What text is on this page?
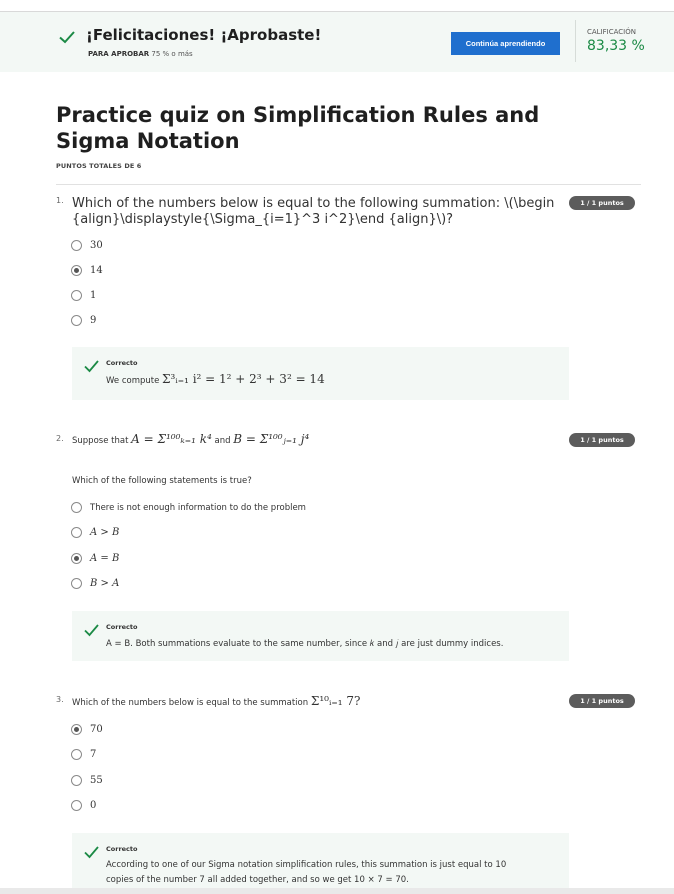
¡Felicitaciones! ¡Aprobaste!
PARA APROBAR 75 % o más
Continúa aprendiendo
CALIFICACIÓN
83,33 %
Practice quiz on Simplification Rules and Sigma Notation
PUNTOS TOTALES DE 6
1. Which of the numbers below is equal to the following summation: \(\begin {align}\displaystyle{\Sigma_{i=1}^3 i^2}\end {align}\)?
1 / 1 puntos
30
14
1
9
Correcto
We compute Σ³ᵢ₌₁ i² = 1² + 2³ + 3² = 14
2. Suppose that A = Σ¹⁰⁰ₖ₌₁ k⁴ and B = Σ¹⁰⁰ⱼ₌₁ j⁴	1 / 1 puntos
Which of the following statements is true?
There is not enough information to do the problem
A > B
A = B
B > A
Correcto
A = B. Both summations evaluate to the same number, since 𝑘 and 𝑗 are just dummy indices.
3. Which of the numbers below is equal to the summation Σ¹⁰ᵢ₌₁ 7?	1 / 1 puntos
70
7
55
0
Correcto
According to one of our Sigma notation simplification rules, this summation is just equal to 10
copies of the number 7 all added together, and so we get 10 × 7 = 70.
